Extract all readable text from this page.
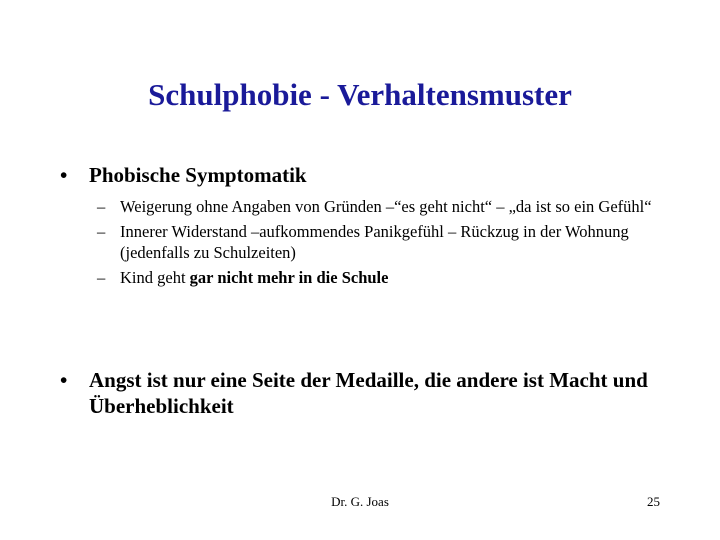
Schulphobie - Verhaltensmuster
• Phobische Symptomatik
– Weigerung ohne Angaben von Gründen –“es geht nicht“ – „da ist so ein Gefühl“
– Innerer Widerstand –aufkommendes Panikgefühl – Rückzug in der Wohnung (jedenfalls zu Schulzeiten)
– Kind geht gar nicht mehr in die Schule
• Angst ist nur eine Seite der Medaille, die andere ist Macht und Überheblichkeit
Dr. G. Joas	25
